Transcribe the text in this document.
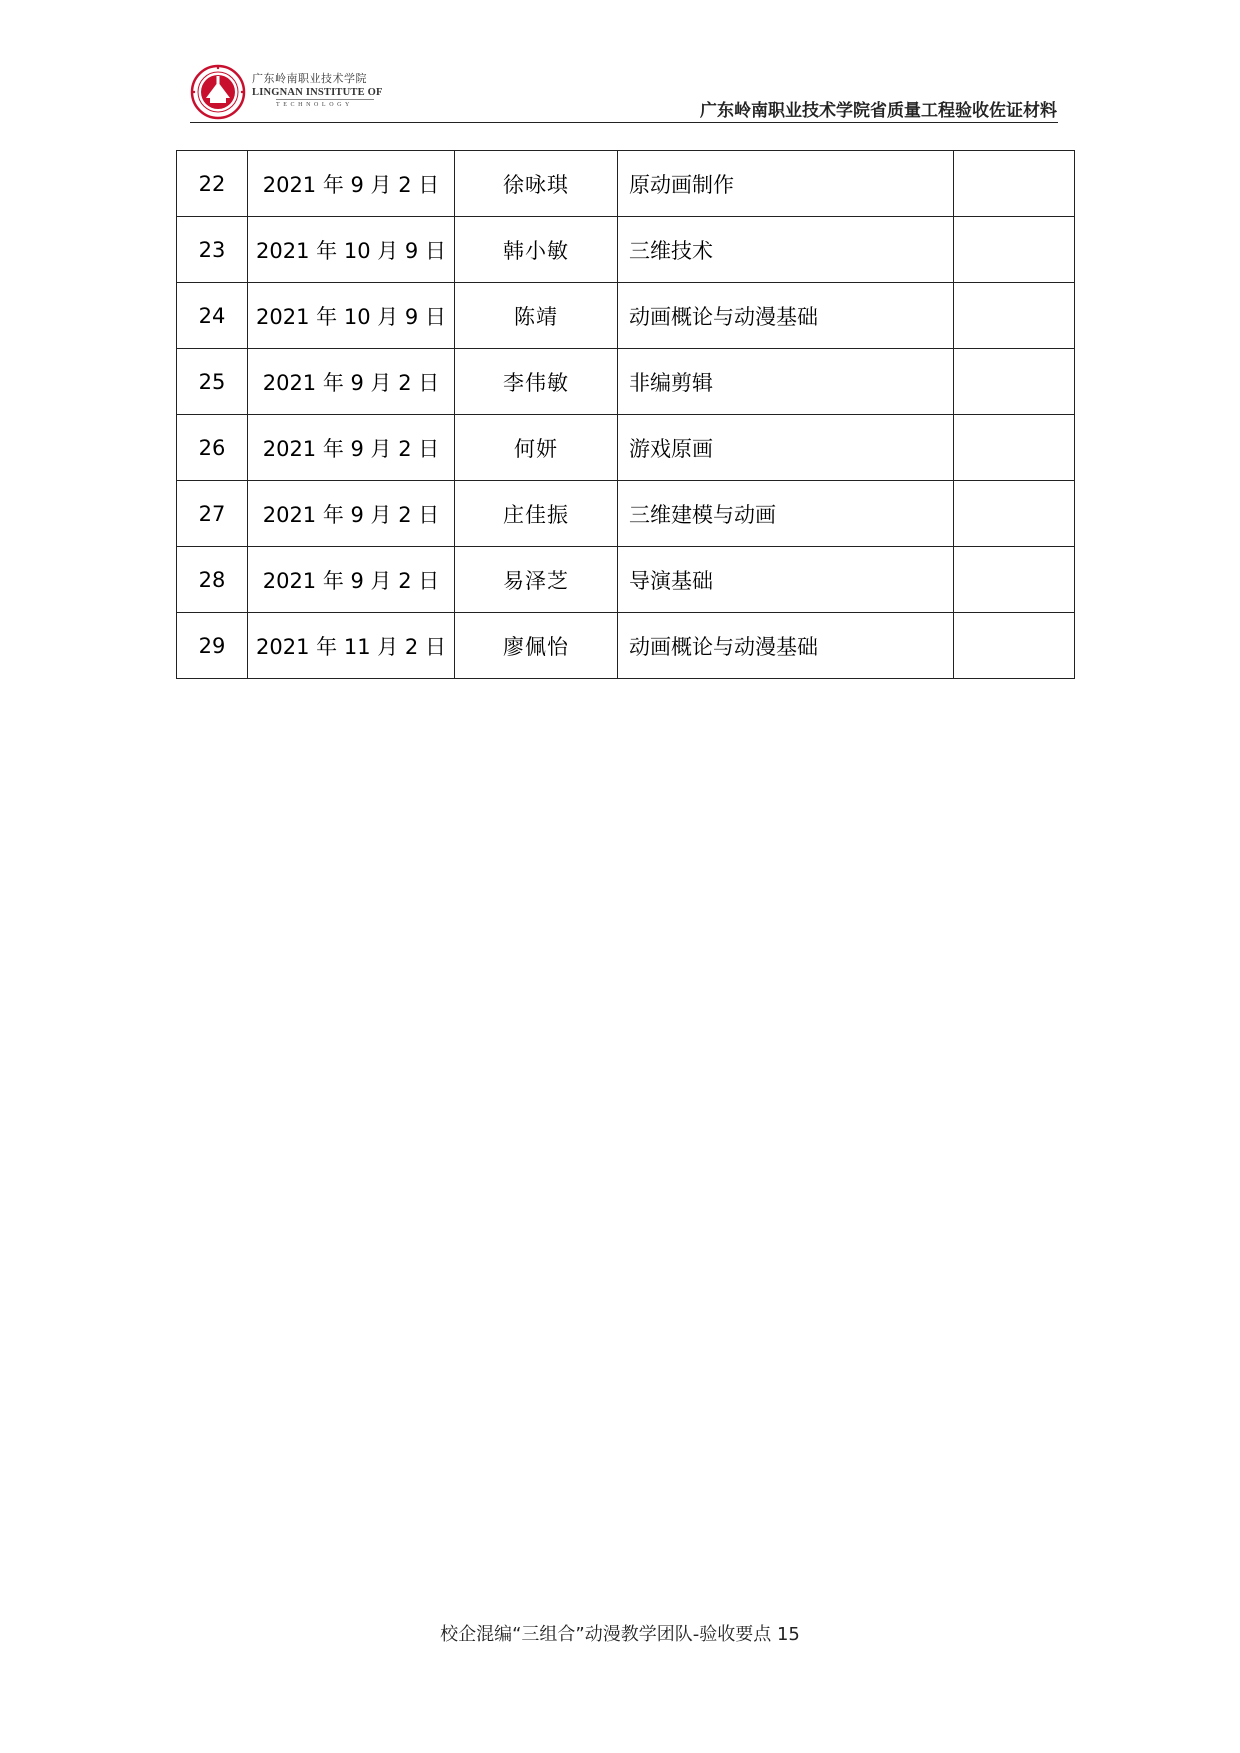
广东岭南职业技术学院
LINGNAN INSTITUTE OF
TECHNOLOGY	广东岭南职业技术学院省质量工程验收佐证材料
22	2021 年 9 月 2 日	徐咏琪	原动画制作	
23	2021 年 10 月 9 日	韩小敏	三维技术	
24	2021 年 10 月 9 日	陈靖	动画概论与动漫基础	
25	2021 年 9 月 2 日	李伟敏	非编剪辑	
26	2021 年 9 月 2 日	何妍	游戏原画	
27	2021 年 9 月 2 日	庄佳振	三维建模与动画	
28	2021 年 9 月 2 日	易泽芝	导演基础	
29	2021 年 11 月 2 日	廖佩怡	动画概论与动漫基础	
校企混编“三组合”动漫教学团队-验收要点 15
